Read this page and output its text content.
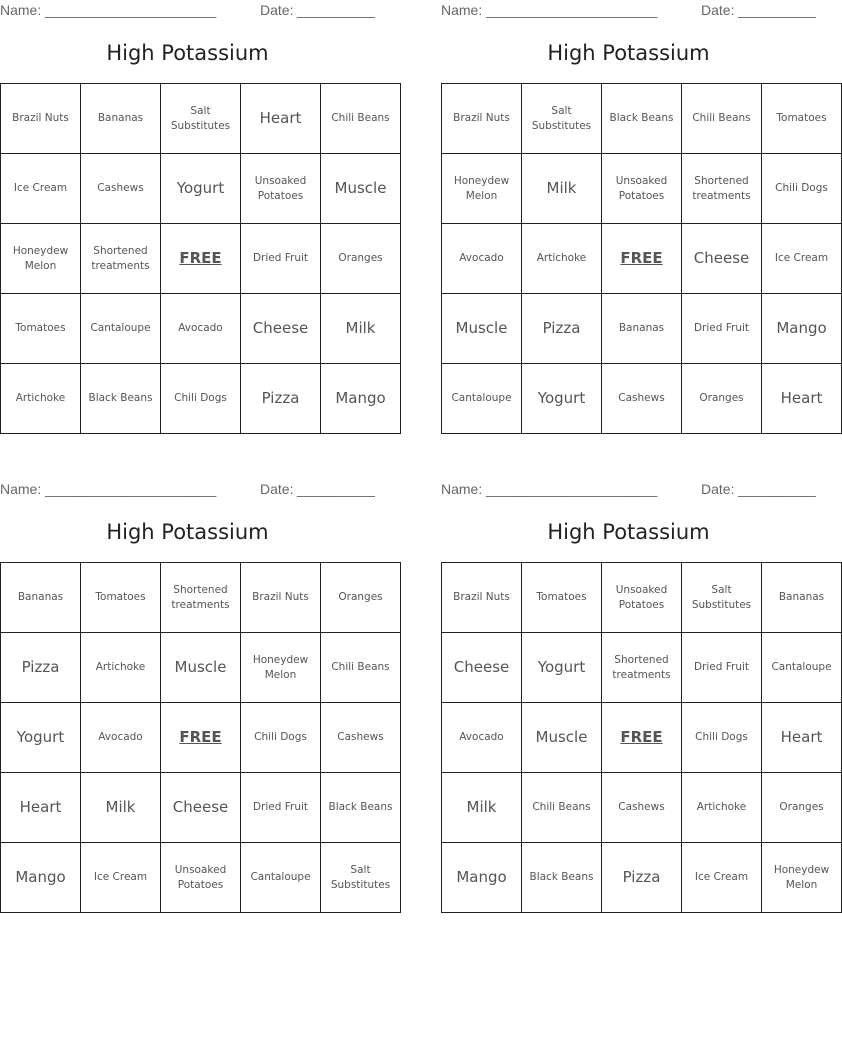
Name: ______________________	Date: __________
High Potassium
Brazil Nuts	Bananas	Salt Substitutes	Heart	Chili Beans
Ice Cream	Cashews	Yogurt	Unsoaked Potatoes	Muscle
Honeydew Melon	Shortened treatments	FREE	Dried Fruit	Oranges
Tomatoes	Cantaloupe	Avocado	Cheese	Milk
Artichoke	Black Beans	Chili Dogs	Pizza	Mango
Name: ______________________	Date: __________
High Potassium
Brazil Nuts	Salt Substitutes	Black Beans	Chili Beans	Tomatoes
Honeydew Melon	Milk	Unsoaked Potatoes	Shortened treatments	Chili Dogs
Avocado	Artichoke	FREE	Cheese	Ice Cream
Muscle	Pizza	Bananas	Dried Fruit	Mango
Cantaloupe	Yogurt	Cashews	Oranges	Heart
Name: ______________________	Date: __________
High Potassium
Bananas	Tomatoes	Shortened treatments	Brazil Nuts	Oranges
Pizza	Artichoke	Muscle	Honeydew Melon	Chili Beans
Yogurt	Avocado	FREE	Chili Dogs	Cashews
Heart	Milk	Cheese	Dried Fruit	Black Beans
Mango	Ice Cream	Unsoaked Potatoes	Cantaloupe	Salt Substitutes
Name: ______________________	Date: __________
High Potassium
Brazil Nuts	Tomatoes	Unsoaked Potatoes	Salt Substitutes	Bananas
Cheese	Yogurt	Shortened treatments	Dried Fruit	Cantaloupe
Avocado	Muscle	FREE	Chili Dogs	Heart
Milk	Chili Beans	Cashews	Artichoke	Oranges
Mango	Black Beans	Pizza	Ice Cream	Honeydew Melon
